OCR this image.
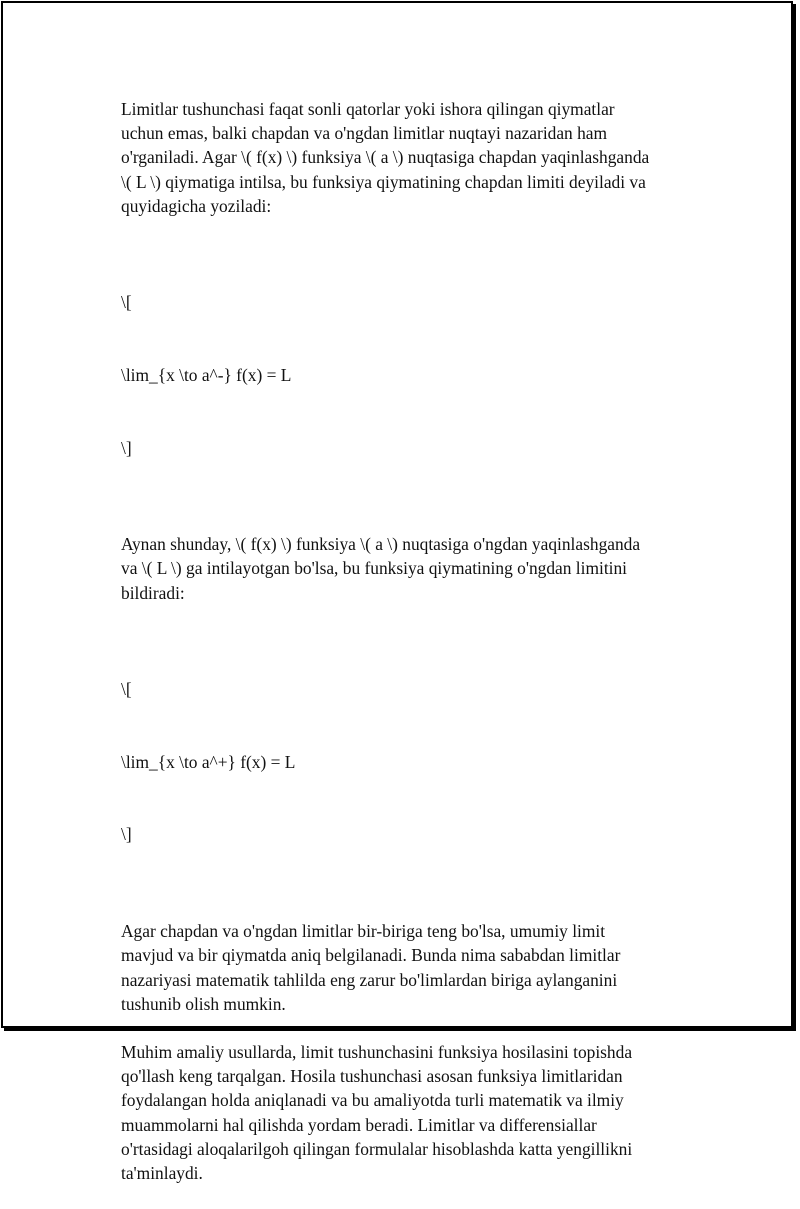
Limitlar tushunchasi faqat sonli qatorlar yoki ishora qilingan qiymatlar
uchun emas, balki chapdan va o'ngdan limitlar nuqtayi nazaridan ham
o'rganiladi. Agar \( f(x) \) funksiya \( a \) nuqtasiga chapdan yaqinlashganda
\( L \) qiymatiga intilsa, bu funksiya qiymatining chapdan limiti deyiladi va
quyidagicha yoziladi:

\[

\lim_{x \to a^-} f(x) = L

\]

Aynan shunday, \( f(x) \) funksiya \( a \) nuqtasiga o'ngdan yaqinlashganda
va \( L \) ga intilayotgan bo'lsa, bu funksiya qiymatining o'ngdan limitini
bildiradi:

\[

\lim_{x \to a^+} f(x) = L

\]

Agar chapdan va o'ngdan limitlar bir-biriga teng bo'lsa, umumiy limit
mavjud va bir qiymatda aniq belgilanadi. Bunda nima sababdan limitlar
nazariyasi matematik tahlilda eng zarur bo'limlardan biriga aylanganini
tushunib olish mumkin.

Muhim amaliy usullarda, limit tushunchasini funksiya hosilasini topishda
qo'llash keng tarqalgan. Hosila tushunchasi asosan funksiya limitlaridan
foydalangan holda aniqlanadi va bu amaliyotda turli matematik va ilmiy
muammolarni hal qilishda yordam beradi. Limitlar va differensiallar
o'rtasidagi aloqalarilgoh qilingan formulalar hisoblashda katta yengillikni
ta'minlaydi.
